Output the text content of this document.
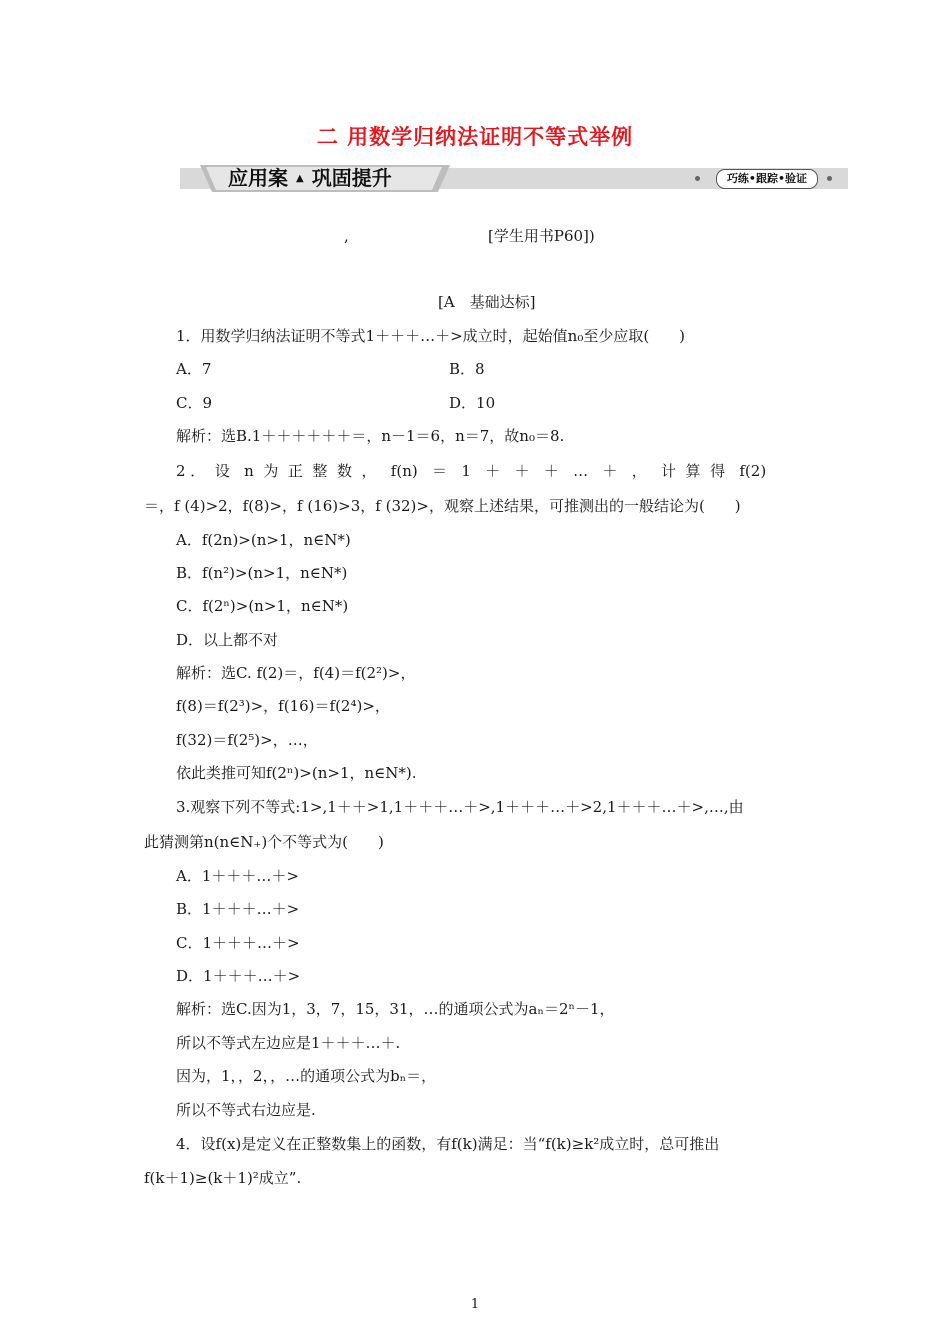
二 用数学归纳法证明不等式举例
应用案 ▲ 巩固提升	巧练•跟踪•验证
,	[学生用书P60])
[A　基础达标]
1．用数学归纳法证明不等式1＋＋＋…＋>成立时，起始值n₀至少应取(　　)
A．7	B．8
C．9	D．10
解析：选B.1＋＋＋＋＋＋＝，n－1＝6，n＝7，故n₀＝8.
2 ．  设   n  为  正  整  数  ，   f(n)   ＝   1   ＋   ＋   ＋   …   ＋   ，   计  算  得   f(2)
＝，f (4)>2，f(8)>，f (16)>3，f (32)>，观察上述结果，可推测出的一般结论为(　　)
A．f(2n)>(n>1，n∈N*)
B．f(n²)>(n>1，n∈N*)
C．f(2ⁿ)>(n>1，n∈N*)
D．以上都不对
解析：选C. f(2)＝，f(4)＝f(2²)>，
f(8)＝f(2³)>，f(16)＝f(2⁴)>，
f(32)＝f(2⁵)>，…，
依此类推可知f(2ⁿ)>(n>1，n∈N*).
3.观察下列不等式:1>,1＋＋>1,1＋＋＋…＋>,1＋＋＋…＋>2,1＋＋＋…＋>,…,由
此猜测第n(n∈N₊)个不等式为(　　)
A．1＋＋＋…＋>
B．1＋＋＋…＋>
C．1＋＋＋…＋>
D．1＋＋＋…＋>
解析：选C.因为1，3，7，15，31，…的通项公式为aₙ＝2ⁿ－1，
所以不等式左边应是1＋＋＋…＋.
因为，1，，2，，…的通项公式为bₙ＝，
所以不等式右边应是.
4．设f(x)是定义在正整数集上的函数，有f(k)满足：当“f(k)≥k²成立时，总可推出
f(k＋1)≥(k＋1)²成立”.
1
